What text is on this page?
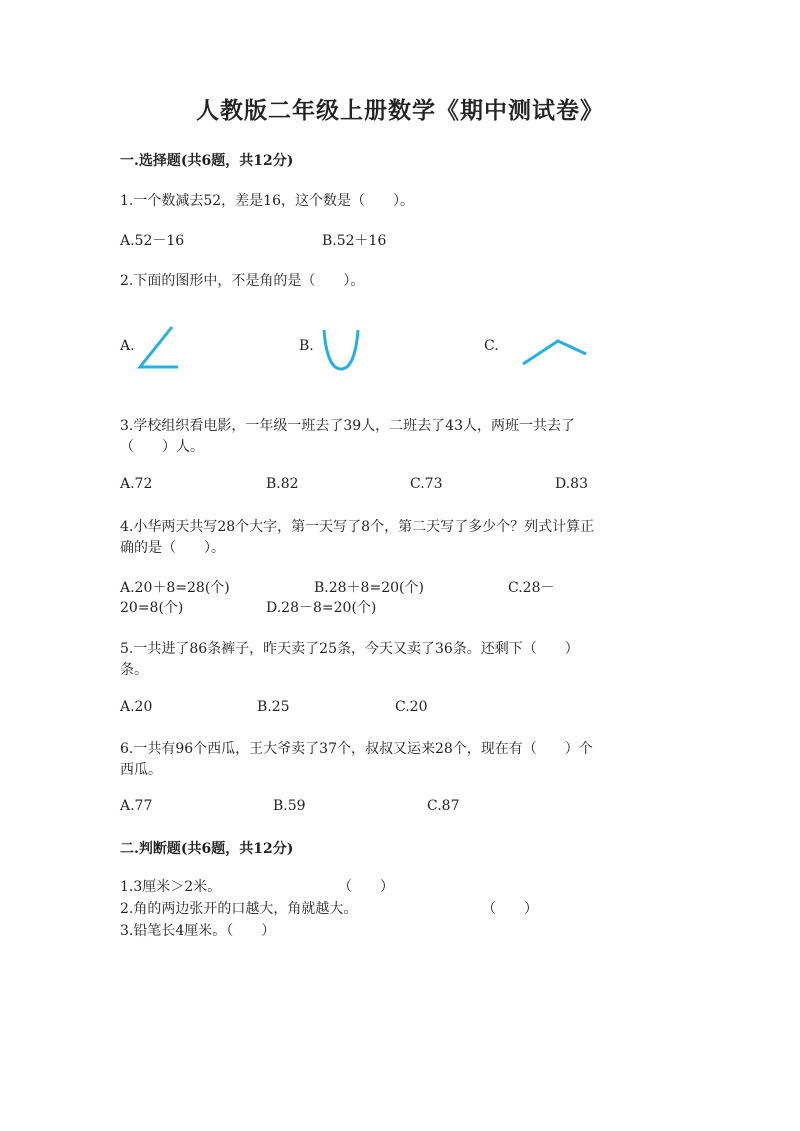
人教版二年级上册数学《期中测试卷》
一.选择题(共6题，共12分)
1.一个数减去52，差是16，这个数是（　　）。
A.52－16	B.52＋16
2.下面的图形中，不是角的是（　　）。
A.	B.	C.
3.学校组织看电影，一年级一班去了39人，二班去了43人，两班一共去了
（　　）人。
A.72	B.82	C.73	D.83
4.小华两天共写28个大字，第一天写了8个，第二天写了多少个？列式计算正
确的是（　　）。
A.20＋8=28(个)	B.28＋8=20(个)	C.28－
20=8(个)	D.28－8=20(个)
5.一共进了86条裤子，昨天卖了25条，今天又卖了36条。还剩下（　　）
条。
A.20	B.25	C.20
6.一共有96个西瓜，王大爷卖了37个，叔叔又运来28个，现在有（　　）个
西瓜。
A.77	B.59	C.87
二.判断题(共6题，共12分)
1.3厘米＞2米。	（　　）
2.角的两边张开的口越大，角就越大。	（　　）
3.铅笔长4厘米。（　　）
